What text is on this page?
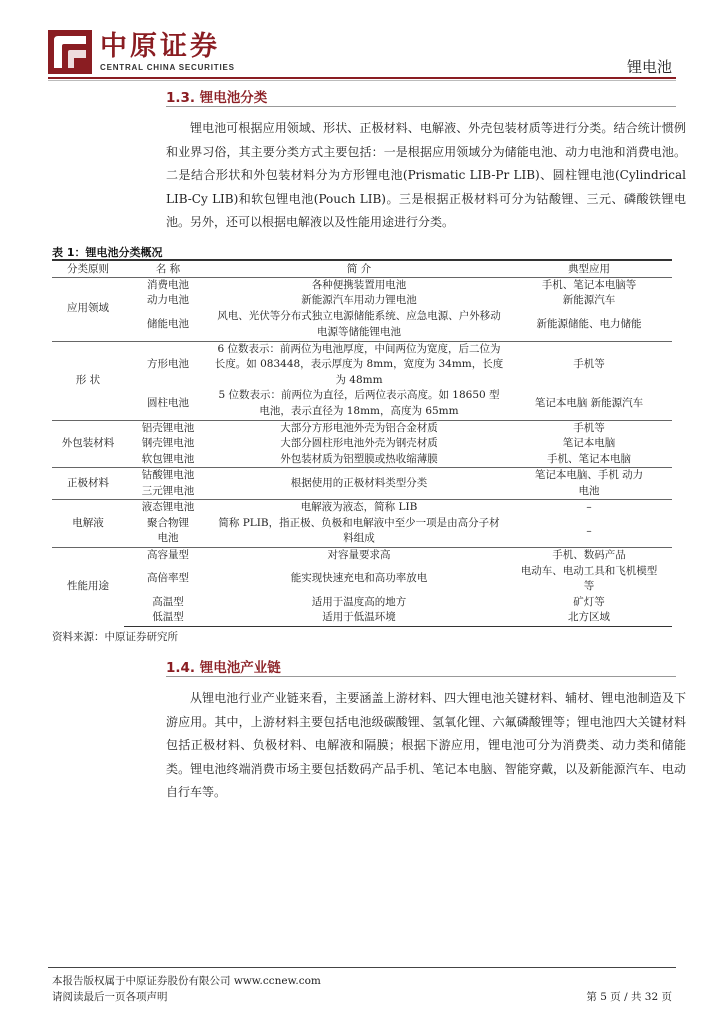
中原证券
CENTRAL CHINA SECURITIES	锂电池
1.3. 锂电池分类
锂电池可根据应用领域、形状、正极材料、电解液、外壳包装材质等进行分类。结合统计惯例和业界习俗，其主要分类方式主要包括：一是根据应用领域分为储能电池、动力电池和消费电池。二是结合形状和外包装材料分为方形锂电池(Prismatic LIB-Pr LIB)、圆柱锂电池(Cylindrical LIB-Cy LIB)和软包锂电池(Pouch LIB)。三是根据正极材料可分为钴酸锂、三元、磷酸铁锂电池。另外，还可以根据电解液以及性能用途进行分类。
表 1：锂电池分类概况
分类原则	名 称	简 介	典型应用
应用领域	消费电池	各种便携装置用电池	手机、笔记本电脑等
	动力电池	新能源汽车用动力锂电池	新能源汽车
	储能电池	风电、光伏等分布式独立电源储能系统、应急电源、户外移动电源等储能锂电池	新能源储能、电力储能
形 状	方形电池	6 位数表示：前两位为电池厚度，中间两位为宽度，后二位为长度。如 083448，表示厚度为 8mm，宽度为 34mm，长度为 48mm	手机等
	圆柱电池	5 位数表示：前两位为直径，后两位表示高度。如 18650 型电池，表示直径为 18mm，高度为 65mm	笔记本电脑 新能源汽车
外包装材料	铝壳锂电池	大部分方形电池外壳为铝合金材质	手机等
	钢壳锂电池	大部分圆柱形电池外壳为钢壳材质	笔记本电脑
	软包锂电池	外包装材质为铝塑膜或热收缩薄膜	手机、笔记本电脑
正极材料	钴酸锂电池	根据使用的正极材料类型分类	笔记本电脑、手机 动力电池
	三元锂电池		
电解液	液态锂电池	电解液为液态，简称 LIB	–
	聚合物锂电池	简称 PLIB，指正极、负极和电解液中至少一项是由高分子材料组成	–
性能用途	高容量型	对容量要求高	手机、数码产品
	高倍率型	能实现快速充电和高功率放电	电动车、电动工具和飞机模型等
	高温型	适用于温度高的地方	矿灯等
	低温型	适用于低温环境	北方区域
资料来源：中原证券研究所
1.4. 锂电池产业链
从锂电池行业产业链来看，主要涵盖上游材料、四大锂电池关键材料、辅材、锂电池制造及下游应用。其中，上游材料主要包括电池级碳酸锂、氢氧化锂、六氟磷酸锂等；锂电池四大关键材料包括正极材料、负极材料、电解液和隔膜；根据下游应用，锂电池可分为消费类、动力类和储能类。锂电池终端消费市场主要包括数码产品手机、笔记本电脑、智能穿戴，以及新能源汽车、电动自行车等。
本报告版权属于中原证券股份有限公司 www.ccnew.com
请阅读最后一页各项声明	第 5 页 / 共 32 页
